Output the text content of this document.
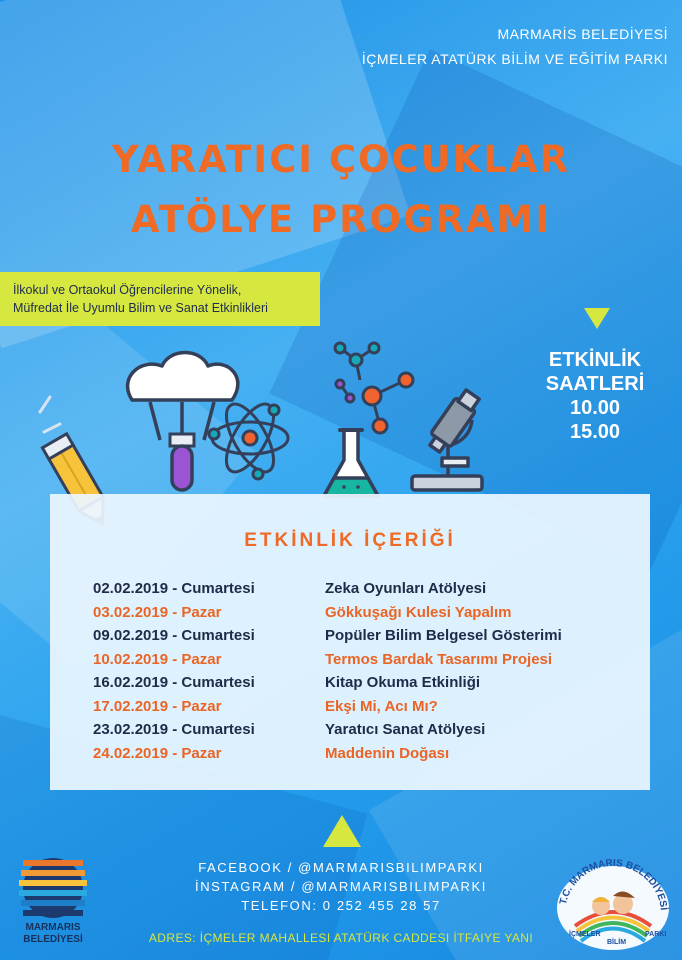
MARMARİS BELEDİYESİ
İÇMELER ATATÜRK BİLİM VE EĞİTİM PARKI
YARATICI ÇOCUKLAR
ATÖLYE PROGRAMI
İlkokul ve Ortaokul Öğrencilerine Yönelik,
Müfredat İle Uyumlu Bilim ve Sanat Etkinlikleri
ETKİNLİK
SAATLERİ
10.00
15.00
ETKİNLİK İÇERİĞİ
02.02.2019 - Cumartesi	Zeka Oyunları Atölyesi
03.02.2019 - Pazar	Gökkuşağı Kulesi Yapalım
09.02.2019 - Cumartesi	Popüler Bilim Belgesel Gösterimi
10.02.2019 - Pazar	Termos Bardak Tasarımı Projesi
16.02.2019 - Cumartesi	Kitap Okuma Etkinliği
17.02.2019 - Pazar	Ekşi Mi, Acı Mı?
23.02.2019 - Cumartesi	Yaratıcı Sanat Atölyesi
24.02.2019 - Pazar	Maddenin Doğası
FACEBOOK / @MARMARISBILIMPARKI
İNSTAGRAM / @MARMARISBILIMPARKI
TELEFON: 0 252 455 28 57
ADRES: İÇMELER MAHALLESI ATATÜRK CADDESI İTFAIYE YANI
MARMARIS
BELEDİYESİ
T.C. MARMARIS BELEDİYESİ
İÇMELER
BİLİM
PARKI
